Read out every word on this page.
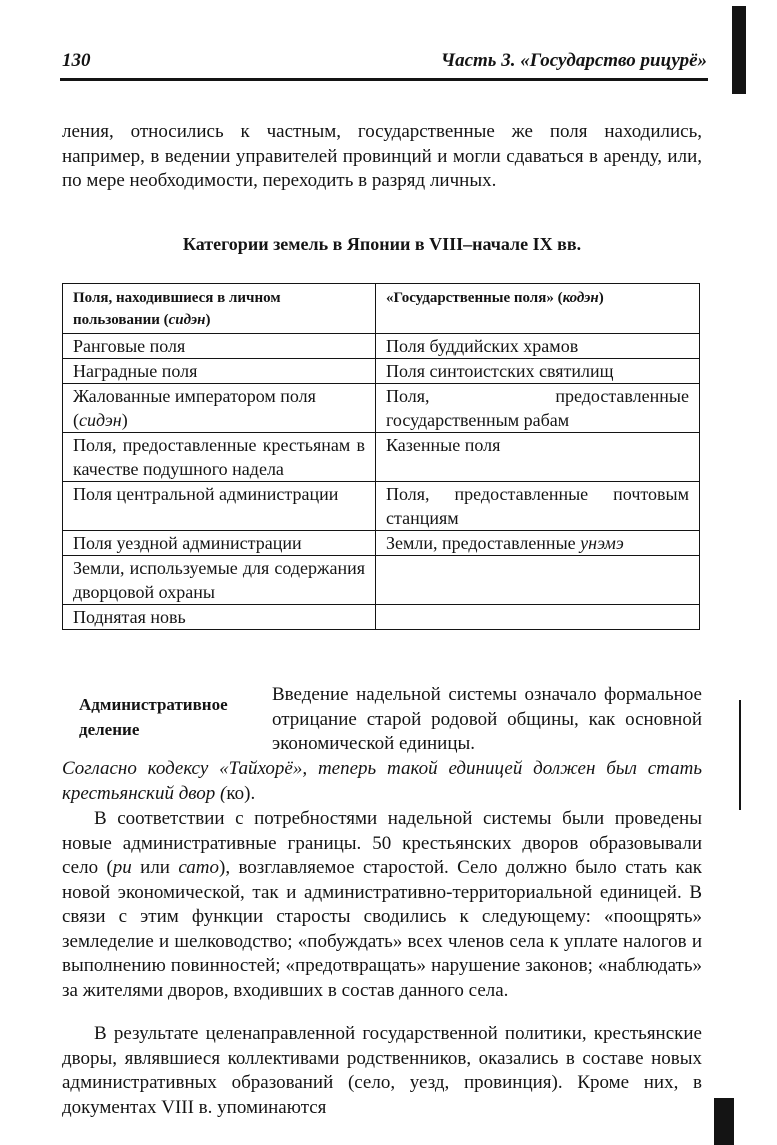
130	Часть 3. «Государство рицурё»

ления, относились к частным, государственные же поля находились, например, в ведении управителей провинций и могли сдаваться в аренду, или, по мере необходимости, переходить в разряд личных.

Категории земель в Японии в VIII–начале IX вв.
Поля, находившиеся в личном пользовании (сидэн)	«Государственные поля» (кодэн)
Ранговые поля	Поля буддийских храмов
Наградные поля	Поля синтоистских святилищ
Жалованные императором поля (сидэн)	Поля, предоставленные государственным рабам
Поля, предоставленные крестьянам в качестве подушного надела	Казенные поля
Поля центральной администрации	Поля, предоставленные почтовым станциям
Поля уездной администрации	Земли, предоставленные унэмэ
Земли, используемые для содержания дворцовой охраны	
Поднятая новь	
Административное деление

Введение надельной системы означало формальное отрицание старой родовой общины, как основной экономической единицы.

Согласно кодексу «Тайхорё», теперь такой единицей должен был стать крестьянский двор (ко).

В соответствии с потребностями надельной системы были проведены новые административные границы. 50 крестьянских дворов образовывали село (ри или сато), возглавляемое старостой. Село должно было стать как новой экономической, так и административно-территориальной единицей. В связи с этим функции старосты сводились к следующему: «поощрять» земледелие и шелководство; «побуждать» всех членов села к уплате налогов и выполнению повинностей; «предотвращать» нарушение законов; «наблюдать» за жителями дворов, входивших в состав данного села.

В результате целенаправленной государственной политики, крестьянские дворы, являвшиеся коллективами родственников, оказались в составе новых административных образований (село, уезд, провинция). Кроме них, в документах VIII в. упоминаются
